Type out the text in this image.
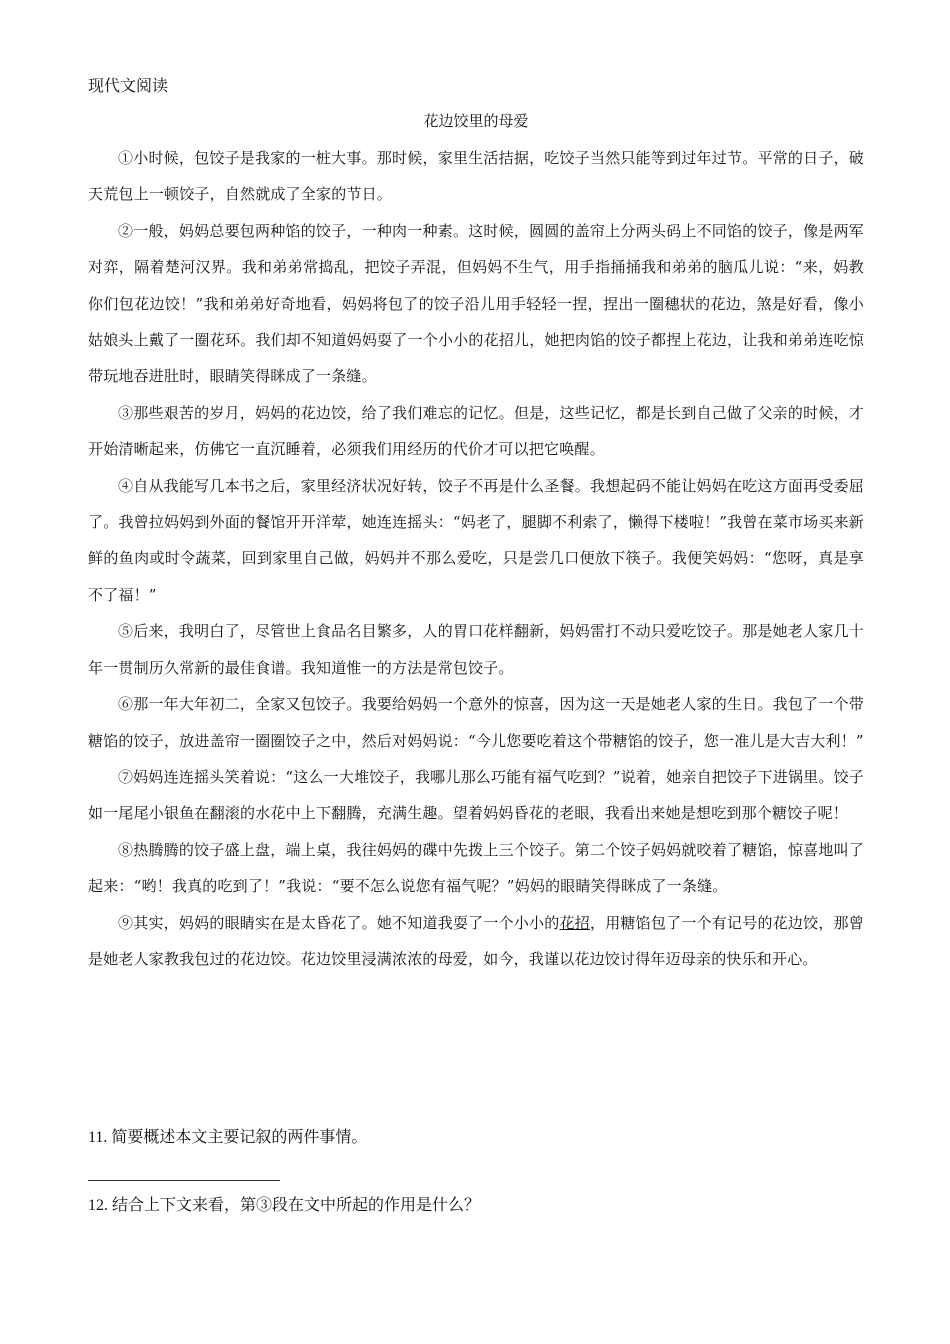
现代文阅读
花边饺里的母爱

①小时候，包饺子是我家的一桩大事。那时候，家里生活拮据，吃饺子当然只能等到过年过节。平常的日子，破天荒包上一顿饺子，自然就成了全家的节日。

②一般，妈妈总要包两种馅的饺子，一种肉一种素。这时候，圆圆的盖帘上分两头码上不同馅的饺子，像是两军对弈，隔着楚河汉界。我和弟弟常捣乱，把饺子弄混，但妈妈不生气，用手指捅捅我和弟弟的脑瓜儿说：“来，妈教你们包花边饺！”我和弟弟好奇地看，妈妈将包了的饺子沿儿用手轻轻一捏，捏出一圈穗状的花边，煞是好看，像小姑娘头上戴了一圈花环。我们却不知道妈妈耍了一个小小的花招儿，她把肉馅的饺子都捏上花边，让我和弟弟连吃惊带玩地吞进肚时，眼睛笑得眯成了一条缝。

③那些艰苦的岁月，妈妈的花边饺，给了我们难忘的记忆。但是，这些记忆，都是长到自己做了父亲的时候，才开始清晰起来，仿佛它一直沉睡着，必须我们用经历的代价才可以把它唤醒。

④自从我能写几本书之后，家里经济状况好转，饺子不再是什么圣餐。我想起码不能让妈妈在吃这方面再受委屈了。我曾拉妈妈到外面的餐馆开开洋荤，她连连摇头：“妈老了，腿脚不利索了，懒得下楼啦！”我曾在菜市场买来新鲜的鱼肉或时令蔬菜，回到家里自己做，妈妈并不那么爱吃，只是尝几口便放下筷子。我便笑妈妈：“您呀，真是享不了福！”

⑤后来，我明白了，尽管世上食品名目繁多，人的胃口花样翻新，妈妈雷打不动只爱吃饺子。那是她老人家几十年一贯制历久常新的最佳食谱。我知道惟一的方法是常包饺子。

⑥那一年大年初二，全家又包饺子。我要给妈妈一个意外的惊喜，因为这一天是她老人家的生日。我包了一个带糖馅的饺子，放进盖帘一圈圈饺子之中，然后对妈妈说：“今儿您要吃着这个带糖馅的饺子，您一准儿是大吉大利！”

⑦妈妈连连摇头笑着说：“这么一大堆饺子，我哪儿那么巧能有福气吃到？”说着，她亲自把饺子下进锅里。饺子如一尾尾小银鱼在翻滚的水花中上下翻腾，充满生趣。望着妈妈昏花的老眼，我看出来她是想吃到那个糖饺子呢！

⑧热腾腾的饺子盛上盘，端上桌，我往妈妈的碟中先拨上三个饺子。第二个饺子妈妈就咬着了糖馅，惊喜地叫了起来：“哟！我真的吃到了！”我说：“要不怎么说您有福气呢？”妈妈的眼睛笑得眯成了一条缝。

⑨其实，妈妈的眼睛实在是太昏花了。她不知道我耍了一个小小的花招，用糖馅包了一个有记号的花边饺，那曾是她老人家教我包过的花边饺。花边饺里浸满浓浓的母爱，如今，我谨以花边饺讨得年迈母亲的快乐和开心。

11. 简要概述本文主要记叙的两件事情。
12. 结合上下文来看，第③段在文中所起的作用是什么？
